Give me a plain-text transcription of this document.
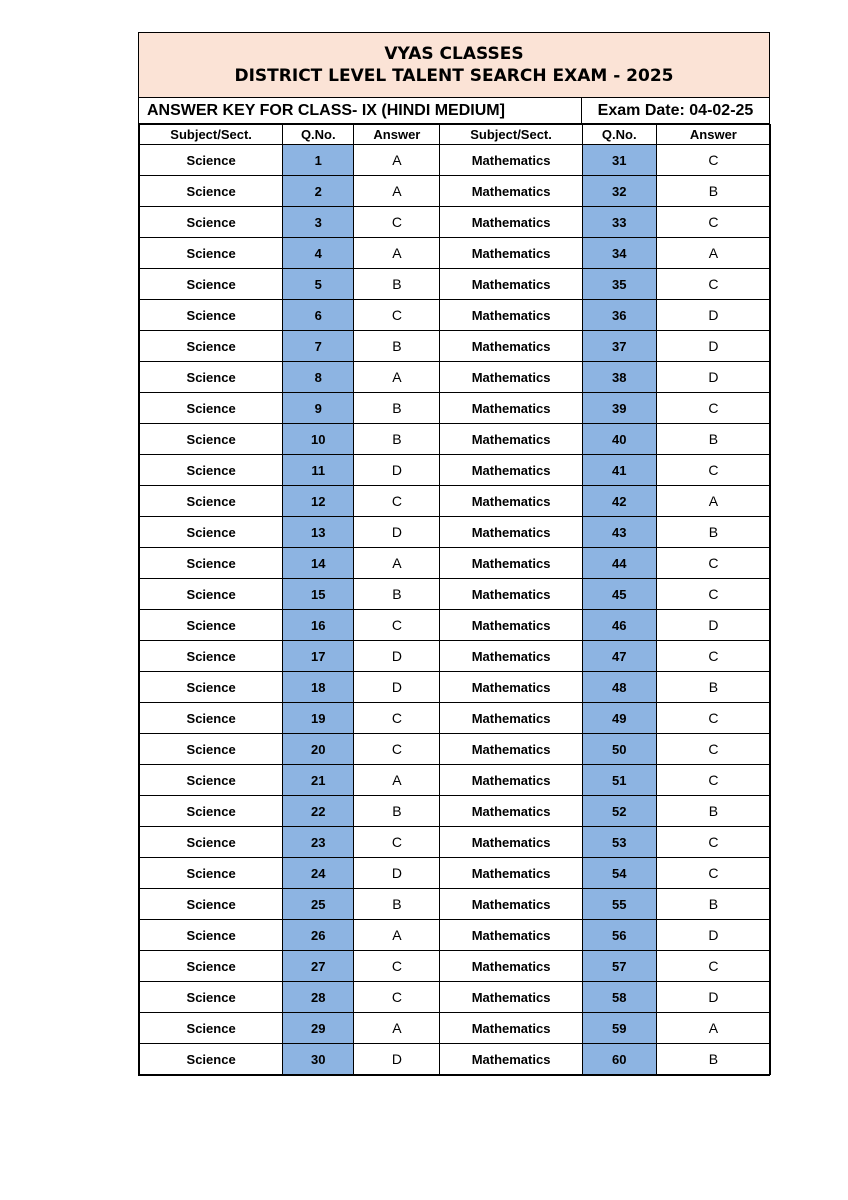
VYAS CLASSES
DISTRICT LEVEL TALENT SEARCH EXAM - 2025
ANSWER KEY FOR CLASS- IX (HINDI MEDIUM]	Exam Date: 04-02-25
Subject/Sect.	Q.No.	Answer	Subject/Sect.	Q.No.	Answer
Science	1	A	Mathematics	31	C
Science	2	A	Mathematics	32	B
Science	3	C	Mathematics	33	C
Science	4	A	Mathematics	34	A
Science	5	B	Mathematics	35	C
Science	6	C	Mathematics	36	D
Science	7	B	Mathematics	37	D
Science	8	A	Mathematics	38	D
Science	9	B	Mathematics	39	C
Science	10	B	Mathematics	40	B
Science	11	D	Mathematics	41	C
Science	12	C	Mathematics	42	A
Science	13	D	Mathematics	43	B
Science	14	A	Mathematics	44	C
Science	15	B	Mathematics	45	C
Science	16	C	Mathematics	46	D
Science	17	D	Mathematics	47	C
Science	18	D	Mathematics	48	B
Science	19	C	Mathematics	49	C
Science	20	C	Mathematics	50	C
Science	21	A	Mathematics	51	C
Science	22	B	Mathematics	52	B
Science	23	C	Mathematics	53	C
Science	24	D	Mathematics	54	C
Science	25	B	Mathematics	55	B
Science	26	A	Mathematics	56	D
Science	27	C	Mathematics	57	C
Science	28	C	Mathematics	58	D
Science	29	A	Mathematics	59	A
Science	30	D	Mathematics	60	B
